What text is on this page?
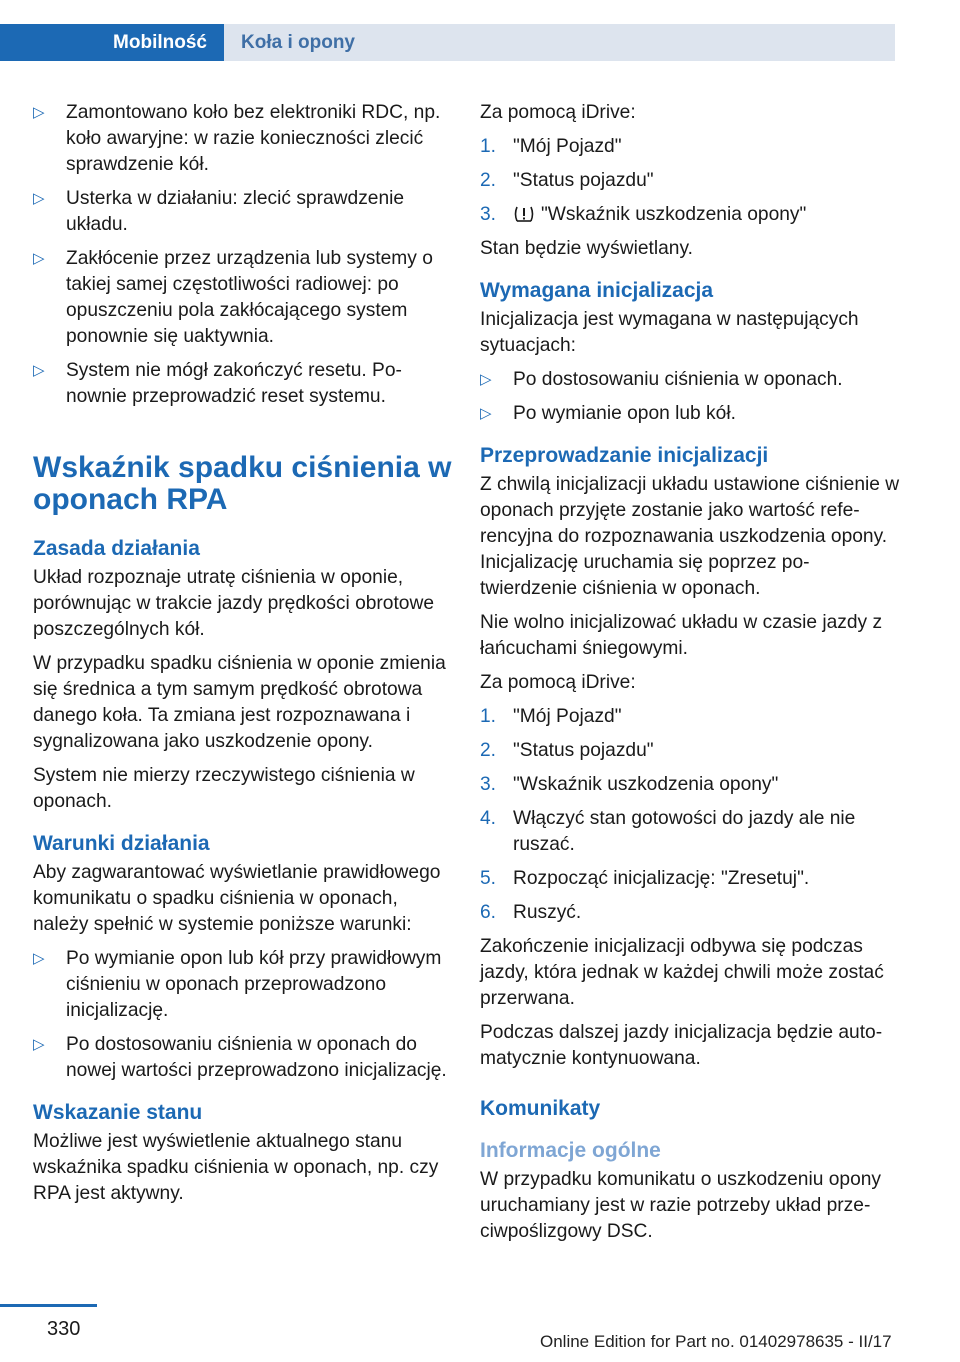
Mobilność	Koła i opony
▷ Zamontowano koło bez elektroniki RDC, np. koło awaryjne: w razie konieczności zlecić sprawdzenie kół.
▷ Usterka w działaniu: zlecić sprawdzenie układu.
▷ Zakłócenie przez urządzenia lub systemy o takiej samej częstotliwości radiowej: po opuszczeniu pola zakłócającego system ponownie się uaktywnia.
▷ System nie mógł zakończyć resetu. Ponownie przeprowadzić reset systemu.
Wskaźnik spadku ciśnienia w oponach RPA
Zasada działania

Układ rozpoznaje utratę ciśnienia w oponie, porównując w trakcie jazdy prędkości obrotowe poszczególnych kół.

W przypadku spadku ciśnienia w oponie zmienia się średnica a tym samym prędkość obrotowa danego koła. Ta zmiana jest rozpoznawana i sygnalizowana jako uszkodzenie opony.

System nie mierzy rzeczywistego ciśnienia w oponach.

Warunki działania

Aby zagwarantować wyświetlanie prawidłowego komunikatu o spadku ciśnienia w oponach, należy spełnić w systemie poniższe warunki:

▷ Po wymianie opon lub kół przy prawidłowym ciśnieniu w oponach przeprowadzono inicjalizację.
▷ Po dostosowaniu ciśnienia w oponach do nowej wartości przeprowadzono inicjalizację.
Wskazanie stanu

Możliwe jest wyświetlenie aktualnego stanu wskaźnika spadku ciśnienia w oponach, np. czy RPA jest aktywny.

Za pomocą iDrive:

1. "Mój Pojazd"
2. "Status pojazdu"
3. "Wskaźnik uszkodzenia opony"

Stan będzie wyświetlany.

Wymagana inicjalizacja

Inicjalizacja jest wymagana w następujących sytuacjach:

▷ Po dostosowaniu ciśnienia w oponach.
▷ Po wymianie opon lub kół.
Przeprowadzanie inicjalizacji

Z chwilą inicjalizacji układu ustawione ciśnienie w oponach przyjęte zostanie jako wartość referencyjna do rozpoznawania uszkodzenia opony. Inicjalizację uruchamia się poprzez potwierdzenie ciśnienia w oponach.

Nie wolno inicjalizować układu w czasie jazdy z łańcuchami śniegowymi.

Za pomocą iDrive:

1. "Mój Pojazd"
2. "Status pojazdu"
3. "Wskaźnik uszkodzenia opony"
4. Włączyć stan gotowości do jazdy ale nie ruszać.
5. Rozpocząć inicjalizację: "Zresetuj".
6. Ruszyć.

Zakończenie inicjalizacji odbywa się podczas jazdy, która jednak w każdej chwili może zostać przerwana.

Podczas dalszej jazdy inicjalizacja będzie automatycznie kontynuowana.

Komunikaty
Informacje ogólne

W przypadku komunikatu o uszkodzeniu opony uruchamiany jest w razie potrzeby układ przeciwpoślizgowy DSC.

330
Online Edition for Part no. 01402978635 - II/17
